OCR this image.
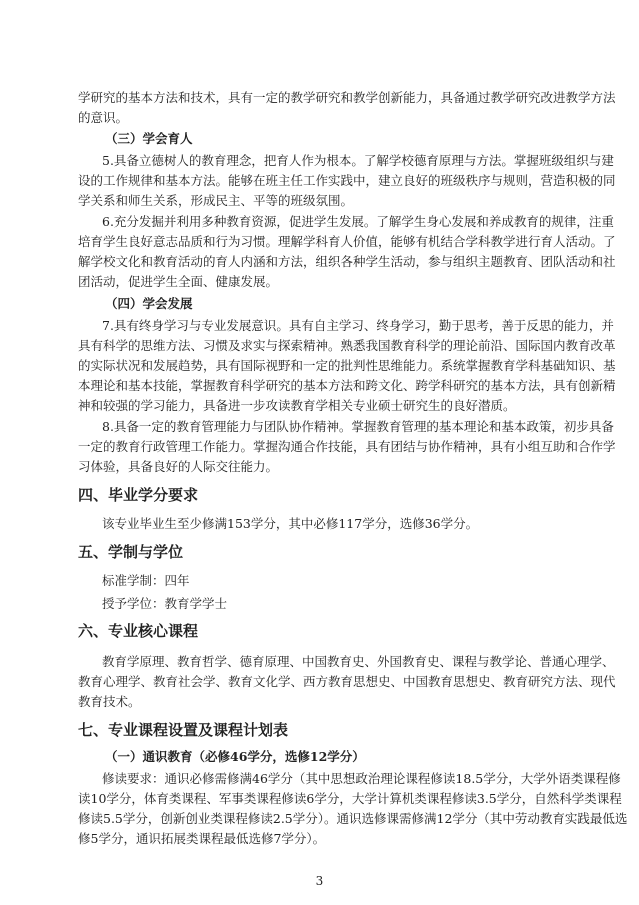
学研究的基本方法和技术，具有一定的教学研究和教学创新能力，具备通过教学研究改进教学方法
的意识。
（三）学会育人
5.具备立德树人的教育理念，把育人作为根本。了解学校德育原理与方法。掌握班级组织与建
设的工作规律和基本方法。能够在班主任工作实践中，建立良好的班级秩序与规则，营造积极的同
学关系和师生关系，形成民主、平等的班级氛围。
6.充分发掘并利用多种教育资源，促进学生发展。了解学生身心发展和养成教育的规律，注重
培育学生良好意志品质和行为习惯。理解学科育人价值，能够有机结合学科教学进行育人活动。了
解学校文化和教育活动的育人内涵和方法，组织各种学生活动，参与组织主题教育、团队活动和社
团活动，促进学生全面、健康发展。
（四）学会发展
7.具有终身学习与专业发展意识。具有自主学习、终身学习，勤于思考，善于反思的能力，并
具有科学的思维方法、习惯及求实与探索精神。熟悉我国教育科学的理论前沿、国际国内教育改革
的实际状况和发展趋势，具有国际视野和一定的批判性思维能力。系统掌握教育学科基础知识、基
本理论和基本技能，掌握教育科学研究的基本方法和跨文化、跨学科研究的基本方法，具有创新精
神和较强的学习能力，具备进一步攻读教育学相关专业硕士研究生的良好潜质。
8.具备一定的教育管理能力与团队协作精神。掌握教育管理的基本理论和基本政策，初步具备
一定的教育行政管理工作能力。掌握沟通合作技能，具有团结与协作精神，具有小组互助和合作学
习体验，具备良好的人际交往能力。
四、毕业学分要求
该专业毕业生至少修满153学分，其中必修117学分，选修36学分。
五、学制与学位
标准学制：四年
授予学位：教育学学士
六、专业核心课程
教育学原理、教育哲学、德育原理、中国教育史、外国教育史、课程与教学论、普通心理学、
教育心理学、教育社会学、教育文化学、西方教育思想史、中国教育思想史、教育研究方法、现代
教育技术。
七、专业课程设置及课程计划表
（一）通识教育（必修46学分，选修12学分）
修读要求：通识必修需修满46学分（其中思想政治理论课程修读18.5学分，大学外语类课程修
读10学分，体育类课程、军事类课程修读6学分，大学计算机类课程修读3.5学分，自然科学类课程
修读5.5学分，创新创业类课程修读2.5学分）。通识选修课需修满12学分（其中劳动教育实践最低选
修5学分，通识拓展类课程最低选修7学分）。
3
